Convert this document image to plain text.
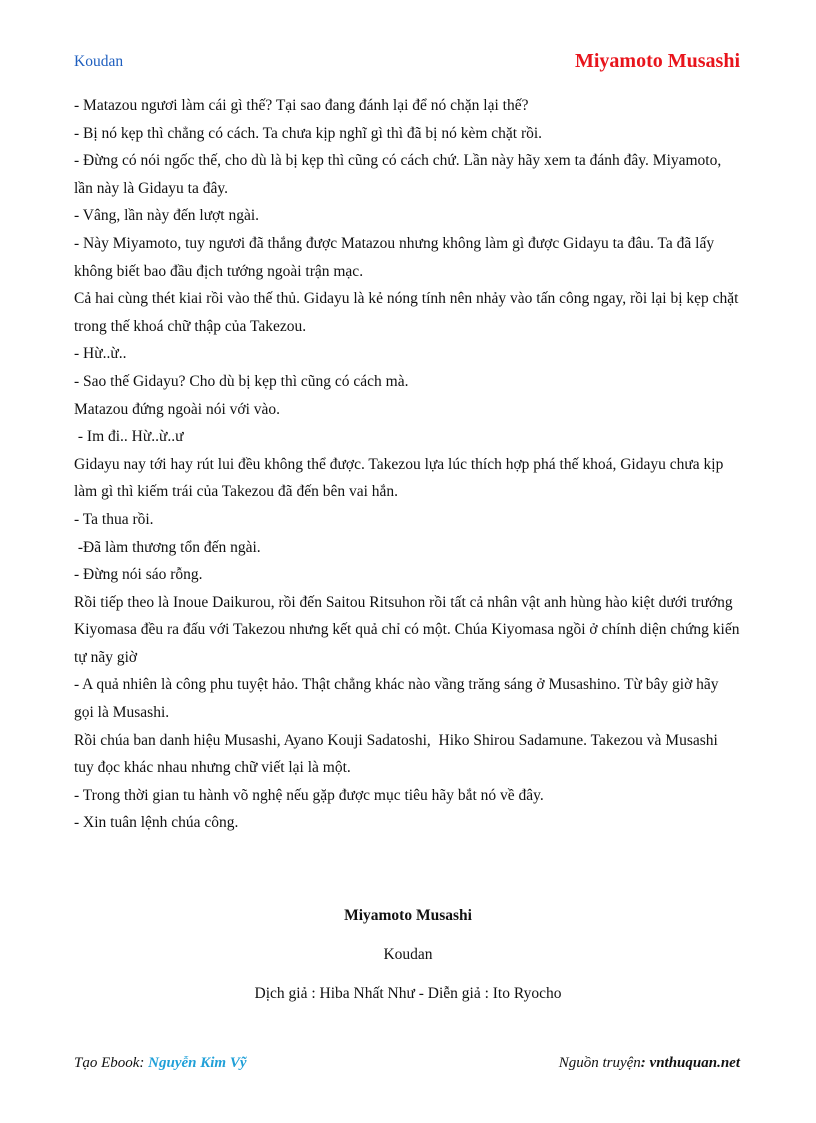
Koudan	Miyamoto Musashi

- Matazou ngươi làm cái gì thế? Tại sao đang đánh lại để nó chặn lại thế?

- Bị nó kẹp thì chẳng có cách. Ta chưa kịp nghĩ gì thì đã bị nó kèm chặt rồi.

- Đừng có nói ngốc thế, cho dù là bị kẹp thì cũng có cách chứ. Lần này hãy xem ta đánh đây. Miyamoto, lần này là Gidayu ta đây.

- Vâng, lần này đến lượt ngài.

- Này Miyamoto, tuy ngươi đã thắng được Matazou nhưng không làm gì được Gidayu ta đâu. Ta đã lấy không biết bao đầu địch tướng ngoài trận mạc.

Cả hai cùng thét kiai rồi vào thế thủ. Gidayu là kẻ nóng tính nên nhảy vào tấn công ngay, rồi lại bị kẹp chặt trong thế khoá chữ thập của Takezou.

- Hừ..ừ..

- Sao thế Gidayu? Cho dù bị kẹp thì cũng có cách mà.

Matazou đứng ngoài nói với vào.

- Im đi.. Hừ..ừ..ư

Gidayu nay tới hay rút lui đều không thể được. Takezou lựa lúc thích hợp phá thế khoá, Gidayu chưa kịp làm gì thì kiếm trái của Takezou đã đến bên vai hắn.

- Ta thua rồi.

-Đã làm thương tổn đến ngài.

- Đừng nói sáo rỗng.

Rồi tiếp theo là Inoue Daikurou, rồi đến Saitou Ritsuhon rồi tất cả nhân vật anh hùng hào kiệt dưới trướng Kiyomasa đều ra đấu với Takezou nhưng kết quả chỉ có một. Chúa Kiyomasa ngồi ở chính diện chứng kiến tự nãy giờ

- A quả nhiên là công phu tuyệt hảo. Thật chẳng khác nào vầng trăng sáng ở Musashino. Từ bây giờ hãy gọi là Musashi.

Rồi chúa ban danh hiệu Musashi, Ayano Kouji Sadatoshi,  Hiko Shirou Sadamune. Takezou và Musashi tuy đọc khác nhau nhưng chữ viết lại là một.

- Trong thời gian tu hành võ nghệ nếu gặp được mục tiêu hãy bắt nó về đây.

- Xin tuân lệnh chúa công.

Miyamoto Musashi
Koudan
Dịch giả : Hiba Nhất Như - Diễn giả : Ito Ryocho
Tạo Ebook: Nguyễn Kim Vỹ	Nguồn truyện: vnthuquan.net
